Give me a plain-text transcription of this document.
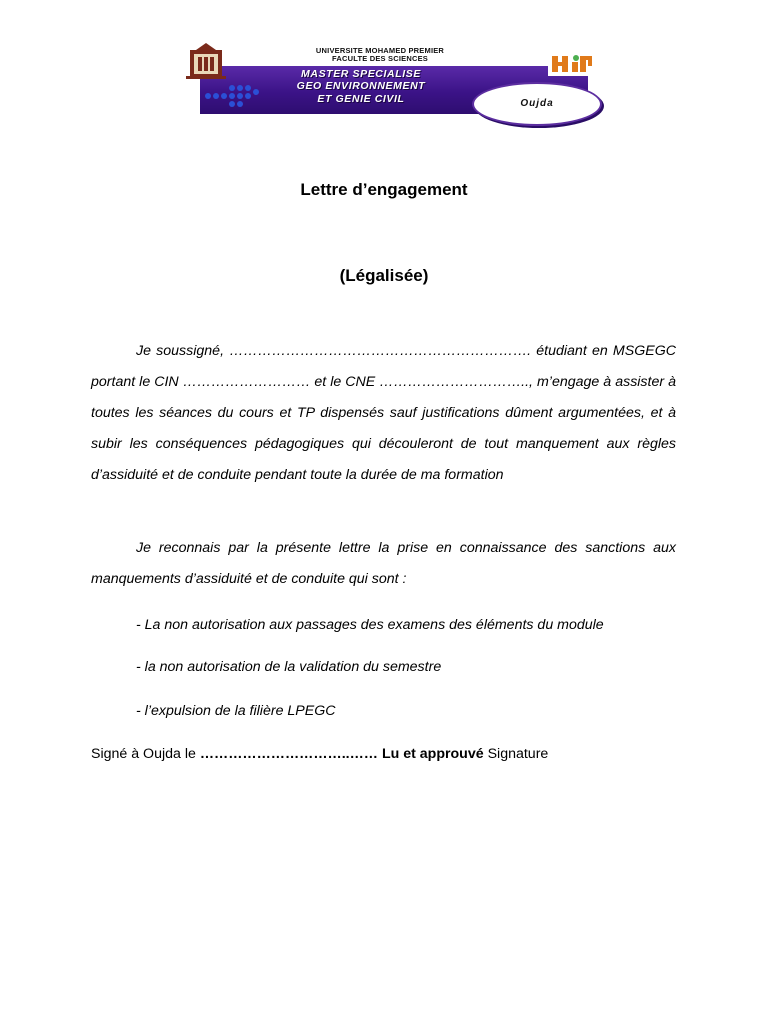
UNIVERSITE MOHAMED PREMIER
FACULTE DES SCIENCES
MASTER SPECIALISE
GEO ENVIRONNEMENT
ET GENIE CIVIL	Oujda
Lettre d’engagement
(Légalisée)

Je soussigné, ………………………………………………………. étudiant en MSGEGC portant le CIN ……………………… et le CNE ………………………….., m’engage à assister à toutes les séances du cours et TP dispensés sauf justifications dûment argumentées, et à subir les conséquences pédagogiques qui découleront de tout manquement aux règles d’assiduité et de conduite pendant toute la durée de ma formation

Je reconnais par la présente lettre la prise en connaissance des sanctions aux manquements d’assiduité et de conduite qui sont :

- La non autorisation aux passages des examens des éléments du module
- la non autorisation de la validation du semestre
- l’expulsion de la filière LPEGC
Signé à Oujda le …………………………..…… Lu et approuvé Signature
